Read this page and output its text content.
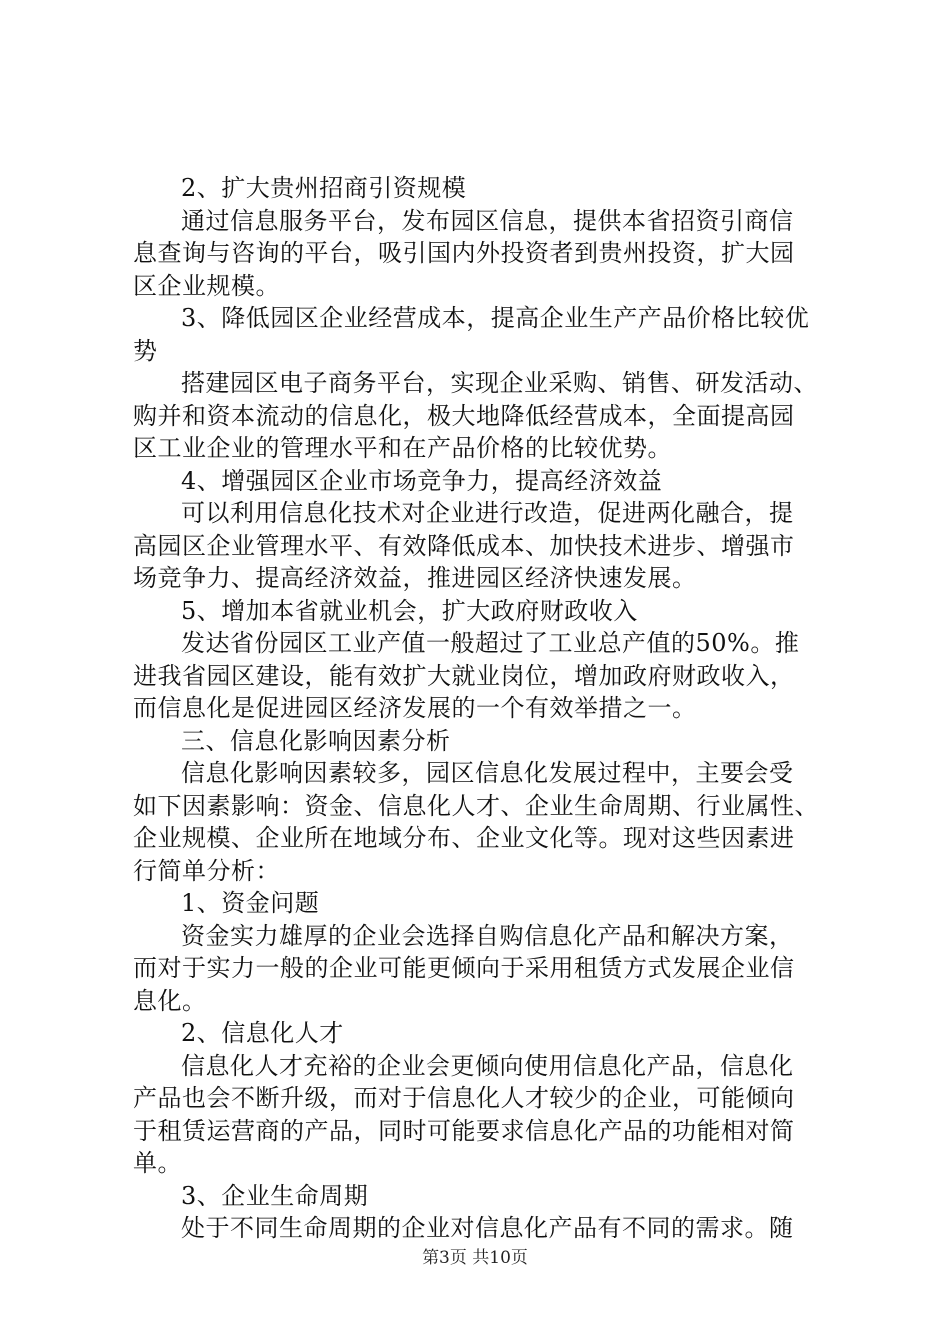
2、扩大贵州招商引资规模
通过信息服务平台，发布园区信息，提供本省招资引商信
息查询与咨询的平台，吸引国内外投资者到贵州投资，扩大园
区企业规模。
3、降低园区企业经营成本，提高企业生产产品价格比较优
势
搭建园区电子商务平台，实现企业采购、销售、研发活动、
购并和资本流动的信息化，极大地降低经营成本，全面提高园
区工业企业的管理水平和在产品价格的比较优势。
4、增强园区企业市场竞争力，提高经济效益
可以利用信息化技术对企业进行改造，促进两化融合，提
高园区企业管理水平、有效降低成本、加快技术进步、增强市
场竞争力、提高经济效益，推进园区经济快速发展。
5、增加本省就业机会，扩大政府财政收入
发达省份园区工业产值一般超过了工业总产值的50%。推
进我省园区建设，能有效扩大就业岗位，增加政府财政收入，
而信息化是促进园区经济发展的一个有效举措之一。
三、信息化影响因素分析
信息化影响因素较多，园区信息化发展过程中，主要会受
如下因素影响：资金、信息化人才、企业生命周期、行业属性、
企业规模、企业所在地域分布、企业文化等。现对这些因素进
行简单分析：
1、资金问题
资金实力雄厚的企业会选择自购信息化产品和解决方案，
而对于实力一般的企业可能更倾向于采用租赁方式发展企业信
息化。
2、信息化人才
信息化人才充裕的企业会更倾向使用信息化产品，信息化
产品也会不断升级，而对于信息化人才较少的企业，可能倾向
于租赁运营商的产品，同时可能要求信息化产品的功能相对简
单。
3、企业生命周期
处于不同生命周期的企业对信息化产品有不同的需求。随
第3页 共10页
